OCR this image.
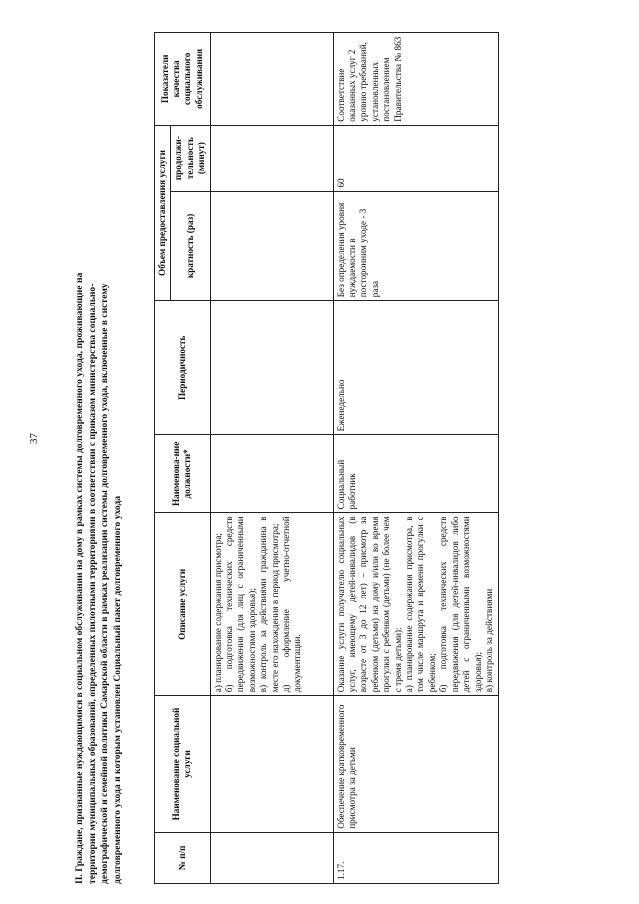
37	II. Граждане, признанные нуждающимися в социальном обслуживании на дому в рамках системы долговременного ухода, проживающие на территории муниципальных образований, определенных пилотными территориями в соответствии с приказом министерства социально- демографической и семейной политики Самарской области в рамках реализации системы долговременного ухода, включенные в систему долговременного ухода и которым установлен Социальный пакет долговременного ухода	№ п/п	Наименование социальной услуги	Описание услуги	Наименова-ние должности*	Периодичность	Объем предоставления услуги		Показатели качества социального обслуживания
					кратность (раз)	продолжи-тельность (минут)	

		а) планирование содержания присмотра; б) подготовка технических средств передвижения (для лиц с ограниченными возможностями здоровья); в) контроль за действиями гражданина в месте его нахождения в период присмотра; д) оформление учетно-отчетной документации.					

1.17.	Обеспечение кратковременного присмотра за детьми	Оказание услуги получателю социальных услуг, имеющему детей-инвалидов (в возрасте от 3 до 12 лет) – присмотр за ребенком (детьми) на дому и/или во время прогулки с ребенком (детьми) (не более чем с тремя детьми): а) планирование содержания присмотра, в том числе маршрута и времени прогулки с ребенком; б) подготовка технических средств передвижения (для детей-инвалидов либо детей с ограниченными возможностями здоровья); в) контроль за действиями	Социальный работник	Еженедельно	Без определения уровня нуждаемости в посторонним уходе - 3 раза	60	Соответствие оказанных услуг 2 уровню требований, установленных постановлением Правительства № 863
